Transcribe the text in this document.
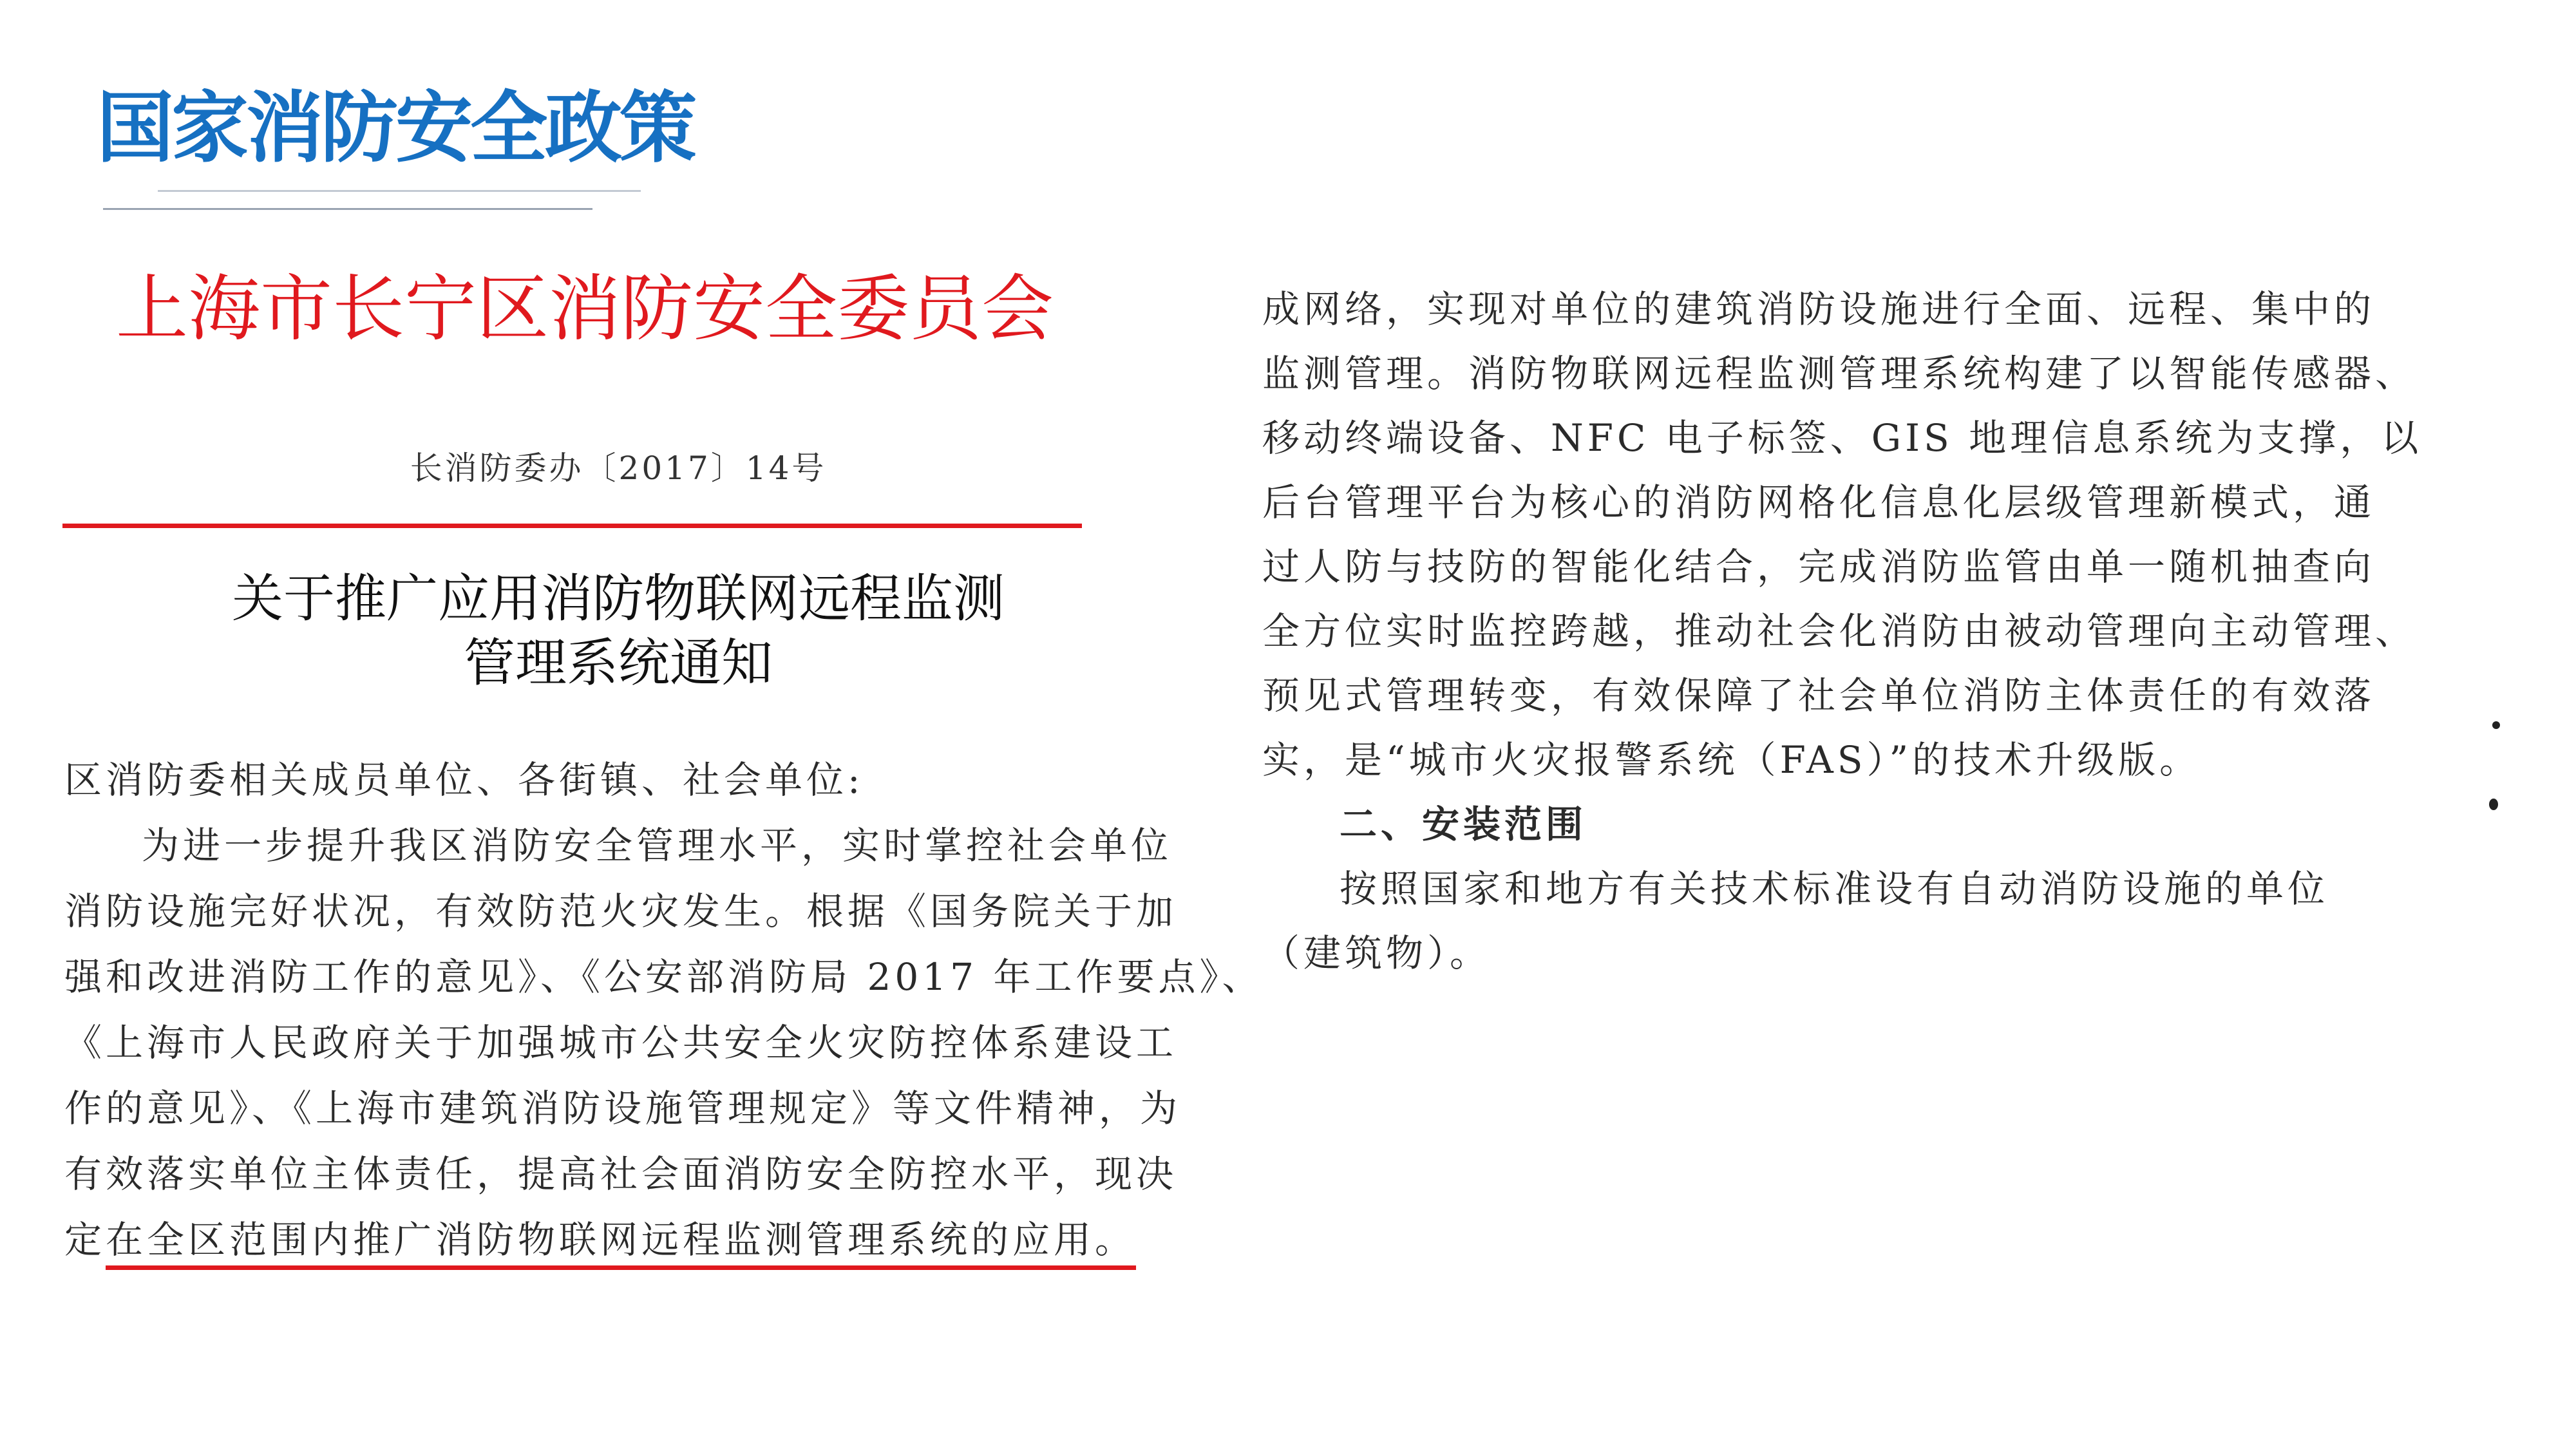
国家消防安全政策
上海市长宁区消防安全委员会
长消防委办〔2017〕14号
关于推广应用消防物联网远程监测
管理系统通知
区消防委相关成员单位、各街镇、社会单位:
为进一步提升我区消防安全管理水平，实时掌控社会单位
消防设施完好状况，有效防范火灾发生。根据《国务院关于加
强和改进消防工作的意见》、《公安部消防局 2017 年工作要点》、
《上海市人民政府关于加强城市公共安全火灾防控体系建设工
作的意见》、《上海市建筑消防设施管理规定》等文件精神，为
有效落实单位主体责任，提高社会面消防安全防控水平，现决
定在全区范围内推广消防物联网远程监测管理系统的应用。
成网络，实现对单位的建筑消防设施进行全面、远程、集中的
监测管理。消防物联网远程监测管理系统构建了以智能传感器、
移动终端设备、NFC 电子标签、GIS 地理信息系统为支撑，以
后台管理平台为核心的消防网格化信息化层级管理新模式，通
过人防与技防的智能化结合，完成消防监管由单一随机抽查向
全方位实时监控跨越，推动社会化消防由被动管理向主动管理、
预见式管理转变，有效保障了社会单位消防主体责任的有效落
实，是“城市火灾报警系统（FAS）”的技术升级版。
二、安装范围
按照国家和地方有关技术标准设有自动消防设施的单位
（建筑物）。
